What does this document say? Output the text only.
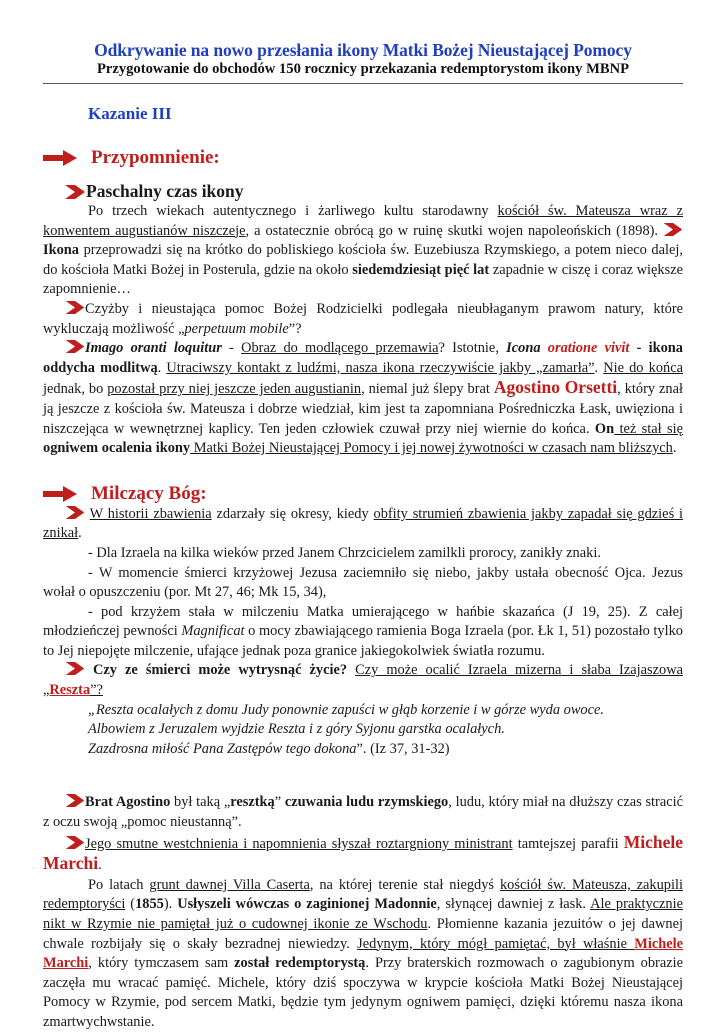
Odkrywanie na nowo przesłania ikony Matki Bożej Nieustającej Pomocy
Przygotowanie do obchodów 150 rocznicy przekazania redemptorystom ikony MBNP
Kazanie III
Przypomnienie:
Paschalny czas ikony

Po trzech wiekach autentycznego i żarliwego kultu starodawny kościół św. Mateusza wraz z konwentem augustianów niszczeje, a ostatecznie obrócą go w ruinę skutki wojen napoleońskich (1898).  Ikona przeprowadzi się na krótko do pobliskiego kościoła św. Euzebiusza Rzymskiego, a potem nieco dalej, do kościoła Matki Bożej in Posterula, gdzie na około siedemdziesiąt pięć lat zapadnie w ciszę i coraz większe zapomnienie…

Czyżby i nieustająca pomoc Bożej Rodzicielki podlegała nieubłaganym prawom natury, które wykluczają możliwość „perpetuum mobile”?

Imago oranti loquitur - Obraz do modlącego przemawia? Istotnie, Icona oratione vivit - ikona oddycha modlitwą. Utraciwszy kontakt z ludźmi, nasza ikona rzeczywiście jakby „zamarła”. Nie do końca jednak, bo pozostał przy niej jeszcze jeden augustianin, niemal już ślepy brat Agostino Orsetti, który znał ją jeszcze z kościoła św. Mateusza i dobrze wiedział, kim jest ta zapomniana Pośredniczka Łask, uwięziona i niszczejąca w wewnętrznej kaplicy. Ten jeden człowiek czuwał przy niej wiernie do końca. On też stał się ogniwem ocalenia ikony Matki Bożej Nieustającej Pomocy i jej nowej żywotności w czasach nam bliższych.

Milczący Bóg:

W historii zbawienia zdarzały się okresy, kiedy obfity strumień zbawienia jakby zapadał się gdzieś i znikał.

- Dla Izraela na kilka wieków przed Janem Chrzcicielem zamilkli prorocy, zanikły znaki.

- W momencie śmierci krzyżowej Jezusa zaciemniło się niebo, jakby ustała obecność Ojca. Jezus wołał o opuszczeniu (por. Mt 27, 46; Mk 15, 34),

- pod krzyżem stała w milczeniu Matka umierającego w hańbie skazańca (J 19, 25). Z całej młodzieńczej pewności Magnificat o mocy zbawiającego ramienia Boga Izraela (por. Łk 1, 51) pozostało tylko to Jej niepojęte milczenie, ufające jednak poza granice jakiegokolwiek światła rozumu.

Czy ze śmierci może wytrysnąć życie? Czy może ocalić Izraela mizerna i słaba Izajaszowa „Reszta”?

„Reszta ocalałych z domu Judy ponownie zapuści w głąb korzenie i w górze wyda owoce.

Albowiem z Jeruzalem wyjdzie Reszta i z góry Syjonu garstka ocalałych.

Zazdrosna miłość Pana Zastępów tego dokona”. (Iz 37, 31-32)

Brat Agostino był taką „resztką” czuwania ludu rzymskiego, ludu, który miał na dłuższy czas stracić z oczu swoją „pomoc nieustanną”.

Jego smutne westchnienia i napomnienia słyszał roztargniony ministrant tamtejszej parafii Michele Marchi.

Po latach grunt dawnej Villa Caserta, na której terenie stał niegdyś kościół św. Mateusza, zakupili redemptoryści (1855). Usłyszeli wówczas o zaginionej Madonnie, słynącej dawniej z łask. Ale praktycznie nikt w Rzymie nie pamiętał już o cudownej ikonie ze Wschodu. Płomienne kazania jezuitów o jej dawnej chwale rozbijały się o skały bezradnej niewiedzy. Jedynym, który mógł pamiętać, był właśnie Michele Marchi, który tymczasem sam został redemptorystą. Przy braterskich rozmowach o zagubionym obrazie zaczęła mu wracać pamięć. Michele, który dziś spoczywa w krypcie kościoła Matki Bożej Nieustającej Pomocy w Rzymie, pod sercem Matki, będzie tym jedynym ogniwem pamięci, dzięki któremu nasza ikona zmartwychwstanie.
